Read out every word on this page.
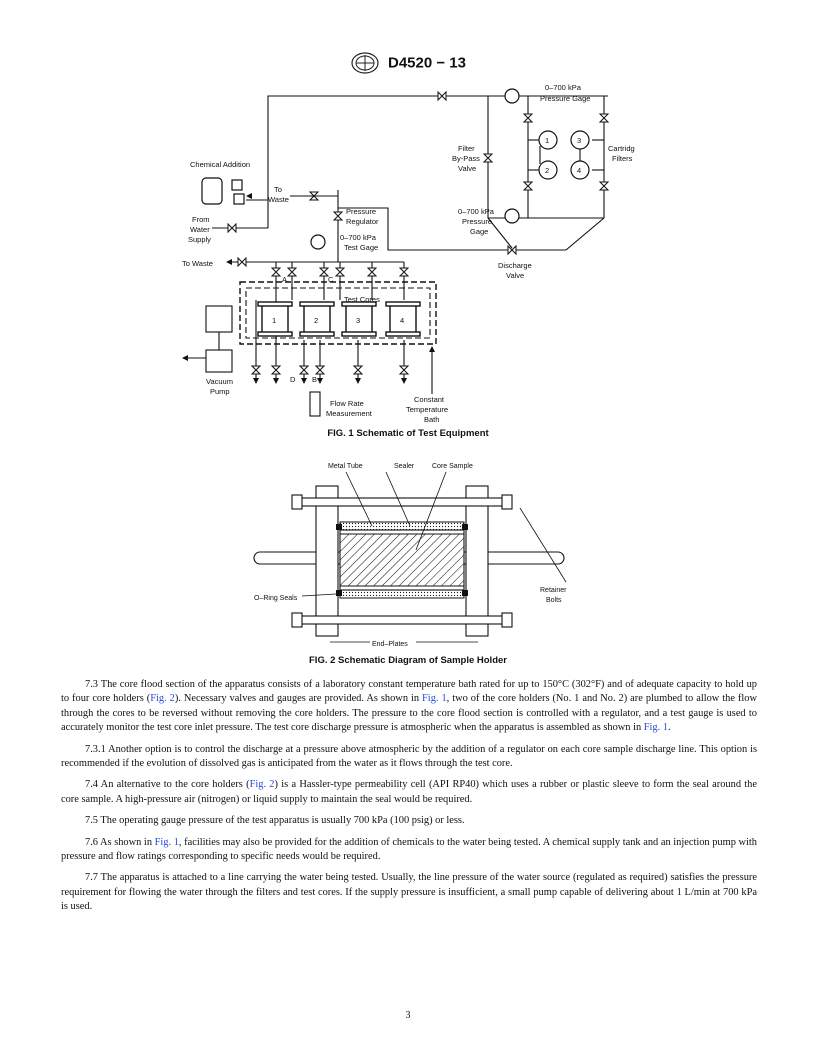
D4520 − 13
0–700 kPa
Pressure Gage
Chemical Addition
To
Waste
Filter
By-Pass
Valve
Cartridg
Filters
Pressure
Regulator
From
Water
Supply	0–700 kPa
Test Gage
0–700 kPa
Pressure
Gage
To Waste	Discharge
Valve
Test Cores
1	2	3	4
1
2
3
4
A
B
C
D
Vacuum
Pump
Flow Rate
Measurement
Constant
Temperature
Bath
FIG. 1 Schematic of Test Equipment
Metal Tube	Sealer	Core Sample
O–Ring Seals
Retainer
Bolts
End–Plates
FIG. 2 Schematic Diagram of Sample Holder

7.3 The core flood section of the apparatus consists of a laboratory constant temperature bath rated for up to 150°C (302°F) and of adequate capacity to hold up to four core holders (Fig. 2). Necessary valves and gauges are provided. As shown in Fig. 1, two of the core holders (No. 1 and No. 2) are plumbed to allow the flow through the cores to be reversed without removing the core holders. The pressure to the core flood section is controlled with a regulator, and a test gauge is used to accurately monitor the test core inlet pressure. The test core discharge pressure is atmospheric when the apparatus is assembled as shown in Fig. 1.

7.3.1 Another option is to control the discharge at a pressure above atmospheric by the addition of a regulator on each core sample discharge line. This option is recommended if the evolution of dissolved gas is anticipated from the water as it flows through the test core.

7.4 An alternative to the core holders (Fig. 2) is a Hassler-type permeability cell (API RP40) which uses a rubber or plastic sleeve to form the seal around the core sample. A high-pressure air (nitrogen) or liquid supply to maintain the seal would be required.

7.5 The operating gauge pressure of the test apparatus is usually 700 kPa (100 psig) or less.

7.6 As shown in Fig. 1, facilities may also be provided for the addition of chemicals to the water being tested. A chemical supply tank and an injection pump with pressure and flow ratings corresponding to specific needs would be required.

7.7 The apparatus is attached to a line carrying the water being tested. Usually, the line pressure of the water source (regulated as required) satisfies the pressure requirement for flowing the water through the filters and test cores. If the supply pressure is insufficient, a small pump capable of delivering about 1 L/min at 700 kPa is used.

3
